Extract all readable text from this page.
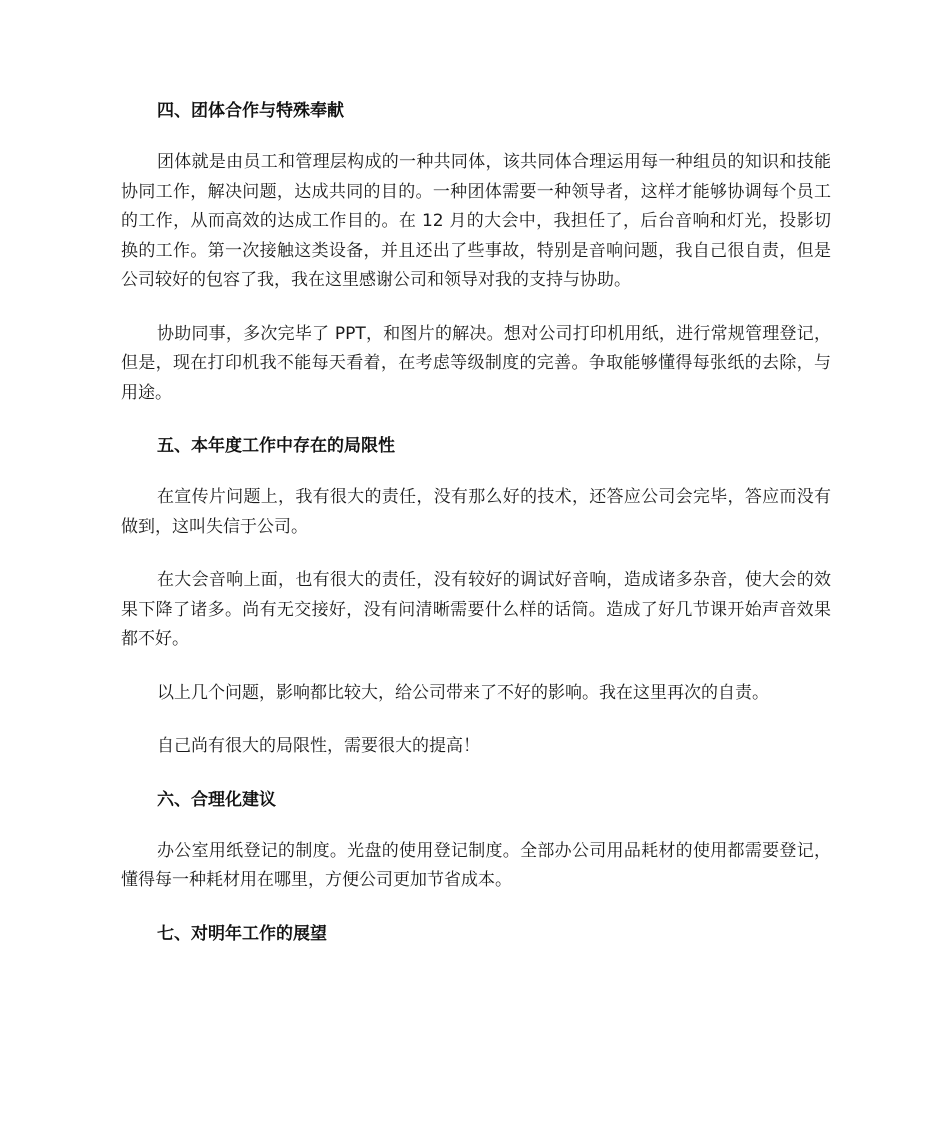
四、团体合作与特殊奉献

团体就是由员工和管理层构成的一种共同体，该共同体合理运用每一种组员的知识和技能协同工作，解决问题，达成共同的目的。一种团体需要一种领导者，这样才能够协调每个员工的工作，从而高效的达成工作目的。在 12 月的大会中，我担任了，后台音响和灯光，投影切换的工作。第一次接触这类设备，并且还出了些事故，特别是音响问题，我自己很自责，但是公司较好的包容了我，我在这里感谢公司和领导对我的支持与协助。

协助同事，多次完毕了 PPT，和图片的解决。想对公司打印机用纸，进行常规管理登记，但是，现在打印机我不能每天看着，在考虑等级制度的完善。争取能够懂得每张纸的去除，与用途。

五、本年度工作中存在的局限性

在宣传片问题上，我有很大的责任，没有那么好的技术，还答应公司会完毕，答应而没有做到，这叫失信于公司。

在大会音响上面，也有很大的责任，没有较好的调试好音响，造成诸多杂音，使大会的效果下降了诸多。尚有无交接好，没有问清晰需要什么样的话筒。造成了好几节课开始声音效果都不好。

以上几个问题，影响都比较大，给公司带来了不好的影响。我在这里再次的自责。

自己尚有很大的局限性，需要很大的提高！

六、合理化建议

办公室用纸登记的制度。光盘的使用登记制度。全部办公司用品耗材的使用都需要登记，懂得每一种耗材用在哪里，方便公司更加节省成本。

七、对明年工作的展望
